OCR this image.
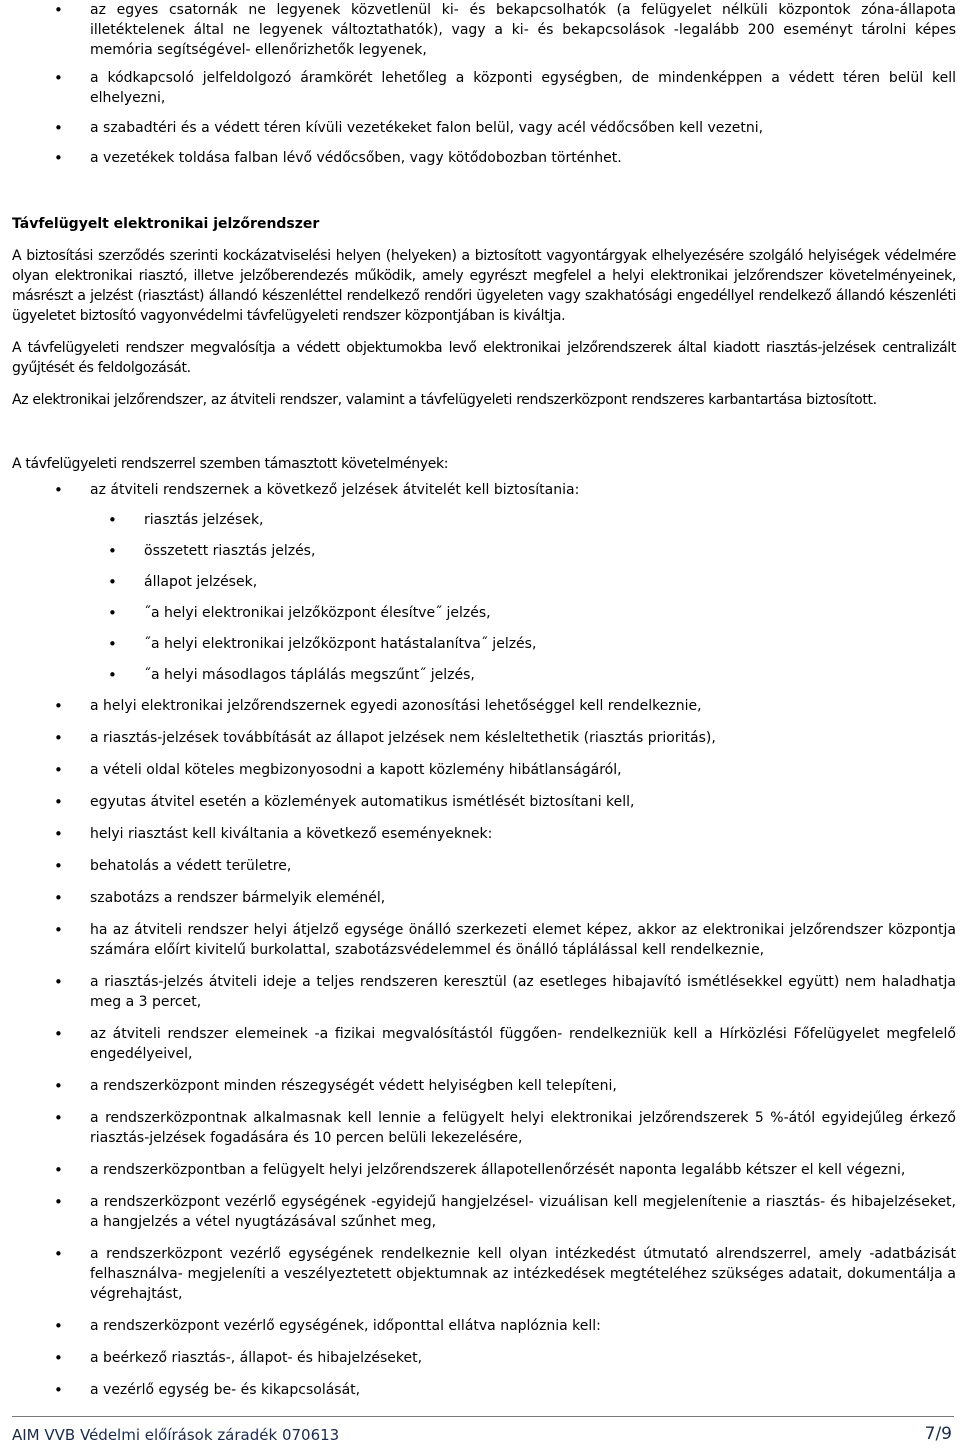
• az egyes csatornák ne legyenek közvetlenül ki- és bekapcsolhatók (a felügyelet nélküli központok zóna-állapota illetéktelenek által ne legyenek változtathatók), vagy a ki- és bekapcsolások -legalább 200 eseményt tárolni képes memória segítségével- ellenőrizhetők legyenek,
• a kódkapcsoló jelfeldolgozó áramkörét lehetőleg a központi egységben, de mindenképpen a védett téren belül kell elhelyezni,
• a szabadtéri és a védett téren kívüli vezetékeket falon belül, vagy acél védőcsőben kell vezetni,
• a vezetékek toldása falban lévő védőcsőben, vagy kötődobozban történhet.

Távfelügyelt elektronikai jelzőrendszer

A biztosítási szerződés szerinti kockázatviselési helyen (helyeken) a biztosított vagyontárgyak elhelyezésére szolgáló helyiségek védelmére olyan elektronikai riasztó, illetve jelzőberendezés működik, amely egyrészt megfelel a helyi elektronikai jelzőrendszer követelményeinek, másrészt a jelzést (riasztást) állandó készenléttel rendelkező rendőri ügyeleten vagy szakhatósági engedéllyel rendelkező állandó készenléti ügyeletet biztosító vagyonvédelmi távfelügyeleti rendszer központjában is kiváltja.

A távfelügyeleti rendszer megvalósítja a védett objektumokba levő elektronikai jelzőrendszerek által kiadott riasztás-jelzések centralizált gyűjtését és feldolgozását.

Az elektronikai jelzőrendszer, az átviteli rendszer, valamint a távfelügyeleti rendszerközpont rendszeres karbantartása biztosított.

A távfelügyeleti rendszerrel szemben támasztott követelmények:

• az átviteli rendszernek a következő jelzések átvitelét kell biztosítania:
• riasztás jelzések,
• összetett riasztás jelzés,
• állapot jelzések,
• ˝a helyi elektronikai jelzőközpont élesítve˝ jelzés,
• ˝a helyi elektronikai jelzőközpont hatástalanítva˝ jelzés,
• ˝a helyi másodlagos táplálás megszűnt˝ jelzés,
• a helyi elektronikai jelzőrendszernek egyedi azonosítási lehetőséggel kell rendelkeznie,
• a riasztás-jelzések továbbítását az állapot jelzések nem késleltethetik (riasztás prioritás),
• a vételi oldal köteles megbizonyosodni a kapott közlemény hibátlanságáról,
• egyutas átvitel esetén a közlemények automatikus ismétlését biztosítani kell,
• helyi riasztást kell kiváltania a következő eseményeknek:
• behatolás a védett területre,
• szabotázs a rendszer bármelyik eleménél,
• ha az átviteli rendszer helyi átjelző egysége önálló szerkezeti elemet képez, akkor az elektronikai jelzőrendszer központja számára előírt kivitelű burkolattal, szabotázsvédelemmel és önálló táplálással kell rendelkeznie,
• a riasztás-jelzés átviteli ideje a teljes rendszeren keresztül (az esetleges hibajavító ismétlésekkel együtt) nem haladhatja meg a 3 percet,
• az átviteli rendszer elemeinek -a fizikai megvalósítástól függően- rendelkezniük kell a Hírközlési Főfelügyelet megfelelő engedélyeivel,
• a rendszerközpont minden részegységét védett helyiségben kell telepíteni,
• a rendszerközpontnak alkalmasnak kell lennie a felügyelt helyi elektronikai jelzőrendszerek 5 %-ától egyidejűleg érkező riasztás-jelzések fogadására és 10 percen belüli lekezelésére,
• a rendszerközpontban a felügyelt helyi jelzőrendszerek állapotellenőrzését naponta legalább kétszer el kell végezni,
• a rendszerközpont vezérlő egységének -egyidejű hangjelzésel- vizuálisan kell megjelenítenie a riasztás- és hibajelzéseket, a hangjelzés a vétel nyugtázásával szűnhet meg,
• a rendszerközpont vezérlő egységének rendelkeznie kell olyan intézkedést útmutató alrendszerrel, amely -adatbázisát felhasználva- megjeleníti a veszélyeztetett objektumnak az intézkedések megtételéhez szükséges adatait, dokumentálja a végrehajtást,
• a rendszerközpont vezérlő egységének, időponttal ellátva naplóznia kell:
• a beérkező riasztás-, állapot- és hibajelzéseket,
• a vezérlő egység be- és kikapcsolását,
AIM VVB Védelmi előírások záradék 070613	7/9
